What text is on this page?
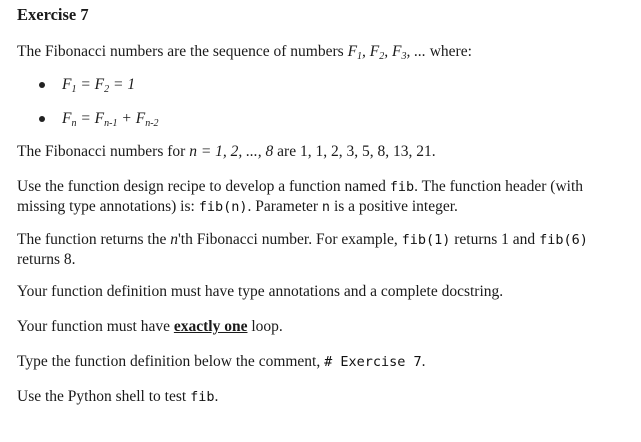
Exercise 7

The Fibonacci numbers are the sequence of numbers $F_1$, $F_2$, $F_3$, ... where:

$F_1 = F_2 = 1$
$F_n = F_{n-1} + F_{n-2}$

The Fibonacci numbers for n = 1, 2, ..., 8 are 1, 1, 2, 3, 5, 8, 13, 21.

Use the function design recipe to develop a function named fib. The function header (with missing type annotations) is: fib(n). Parameter n is a positive integer.

The function returns the n'th Fibonacci number. For example, fib(1) returns 1 and fib(6) returns 8.

Your function definition must have type annotations and a complete docstring.

Your function must have exactly one loop.

Type the function definition below the comment, # Exercise 7.

Use the Python shell to test fib.
